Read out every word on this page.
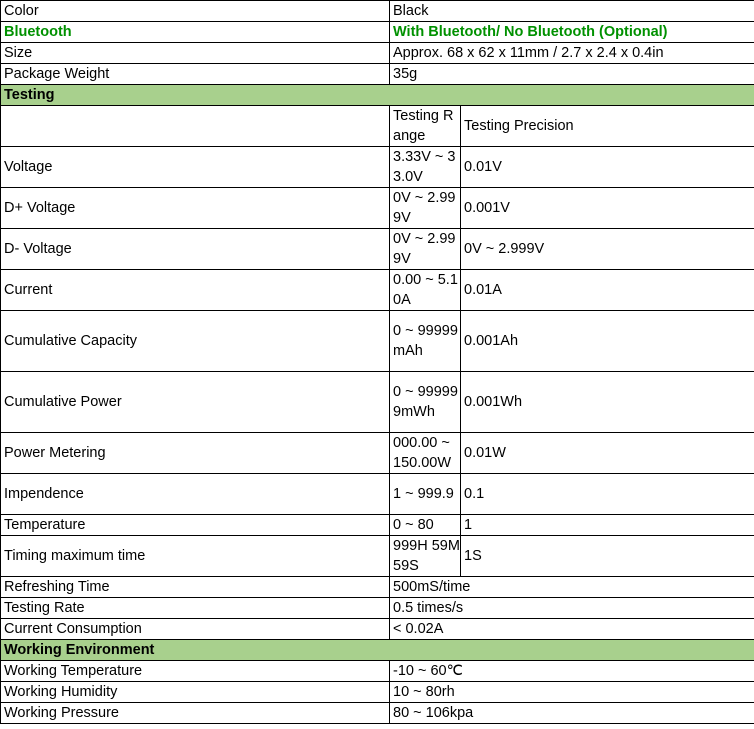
Color	Black	
Bluetooth	With Bluetooth/ No Bluetooth (Optional)	
Size	Approx. 68 x 62 x 11mm / 2.7 x 2.4 x 0.4in	
Package Weight	35g	
Testing		
	Testing Range	Testing Precision
Voltage	3.33V ~ 33.0V	0.01V
D+ Voltage	0V ~ 2.999V	0.001V
D- Voltage	0V ~ 2.999V	0V ~ 2.999V
Current	0.00 ~ 5.10A	0.01A
Cumulative Capacity	0 ~ 99999mAh	0.001Ah
Cumulative Power	0 ~ 999999mWh	0.001Wh
Power Metering	000.00 ~ 150.00W	0.01W
Impendence	1 ~ 999.9	0.1
Temperature	0 ~ 80	1
Timing maximum time	999H 59M 59S	1S
Refreshing Time	500mS/time	
Testing Rate	0.5 times/s	
Current Consumption	< 0.02A	
Working Environment		
Working Temperature	-10 ~ 60℃	
Working Humidity	10 ~ 80rh	
Working Pressure	80 ~ 106kpa	
